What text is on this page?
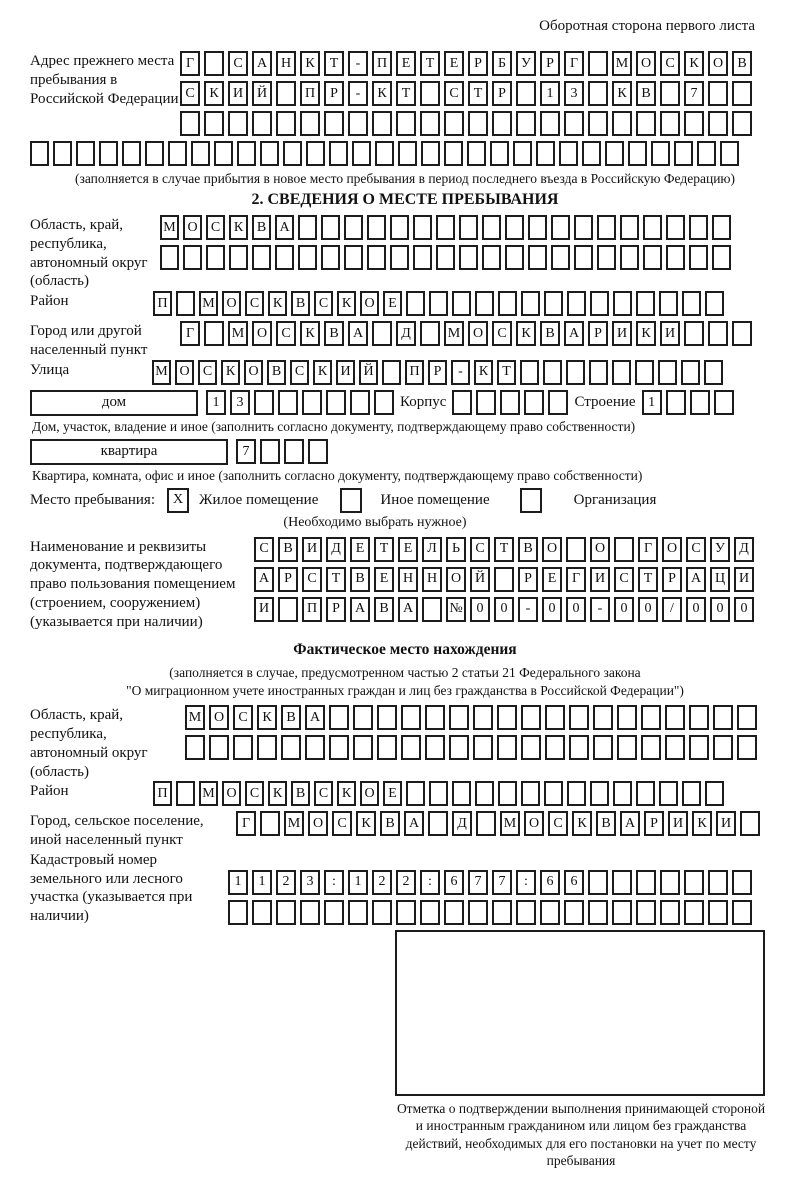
Оборотная сторона первого листа
Адрес прежнего места пребывания в Российской Федерации
Г	С	А Н	К	Т	-	П	Е	Т	Е	Р	Б	У	Р	Г	М О	С	К	О	В
С	К	И Й	П	Р	-	К	Т	С	Т	Р	1	3	К	В	7
(заполняется в случае прибытия в новое место пребывания в период последнего въезда в Российскую Федерацию)
2. СВЕДЕНИЯ О МЕСТЕ ПРЕБЫВАНИЯ
Область, край, республика, автономный округ (область)
М О С К В А
Район	П	М О С К В С К О Е
Город или другой населенный пункт
Г	М О	С	К	В	А	Д	М О	С	К	В	А	Р	И	К	И
Улица	М О С К О В С К И Й	П	Р	-	К	Т
дом	1	3	Корпус	Строение 1
Дом, участок, владение и иное (заполнить согласно документу, подтверждающему право собственности)
квартира	7
Квартира, комната, офис и иное (заполнить согласно документу, подтверждающему право собственности)
Место пребывания:	X	Жилое помещение	Иное помещение	Организация
(Необходимо выбрать нужное)
Наименование и реквизиты документа, подтверждающего право пользования помещением (строением, сооружением) (указывается при наличии)
С	В	И	Д	Е	Т	Е	Л	Ь	С	Т	В	О	О	Г	О	С	У	Д
А	Р	С	Т	В	Е	Н Н О Й	Р	Е	Г	И	С	Т	Р	А Ц И
И	П	Р	А	В	А	№ 0	0	-	0	0	-	0	0	/	0	0	0
Фактическое место нахождения
(заполняется в случае, предусмотренном частью 2 статьи 21 Федерального закона
"О миграционном учете иностранных граждан и лиц без гражданства в Российской Федерации")
Область, край, республика, автономный округ (область)
М О	С	К	В	А
Район	П	М О С К В С К О Е
Город, сельское поселение, иной населенный пункт
Г	М О	С	К	В	А	Д	М О	С	К	В	А	Р	И	К	И
Кадастровый номер земельного или лесного участка (указывается при наличии)
1	1	2	3	:	1	2	2	:	6	7	7	:	6	6
Отметка о подтверждении выполнения принимающей стороной и иностранным гражданином или лицом без гражданства действий, необходимых для его постановки на учет по месту пребывания
